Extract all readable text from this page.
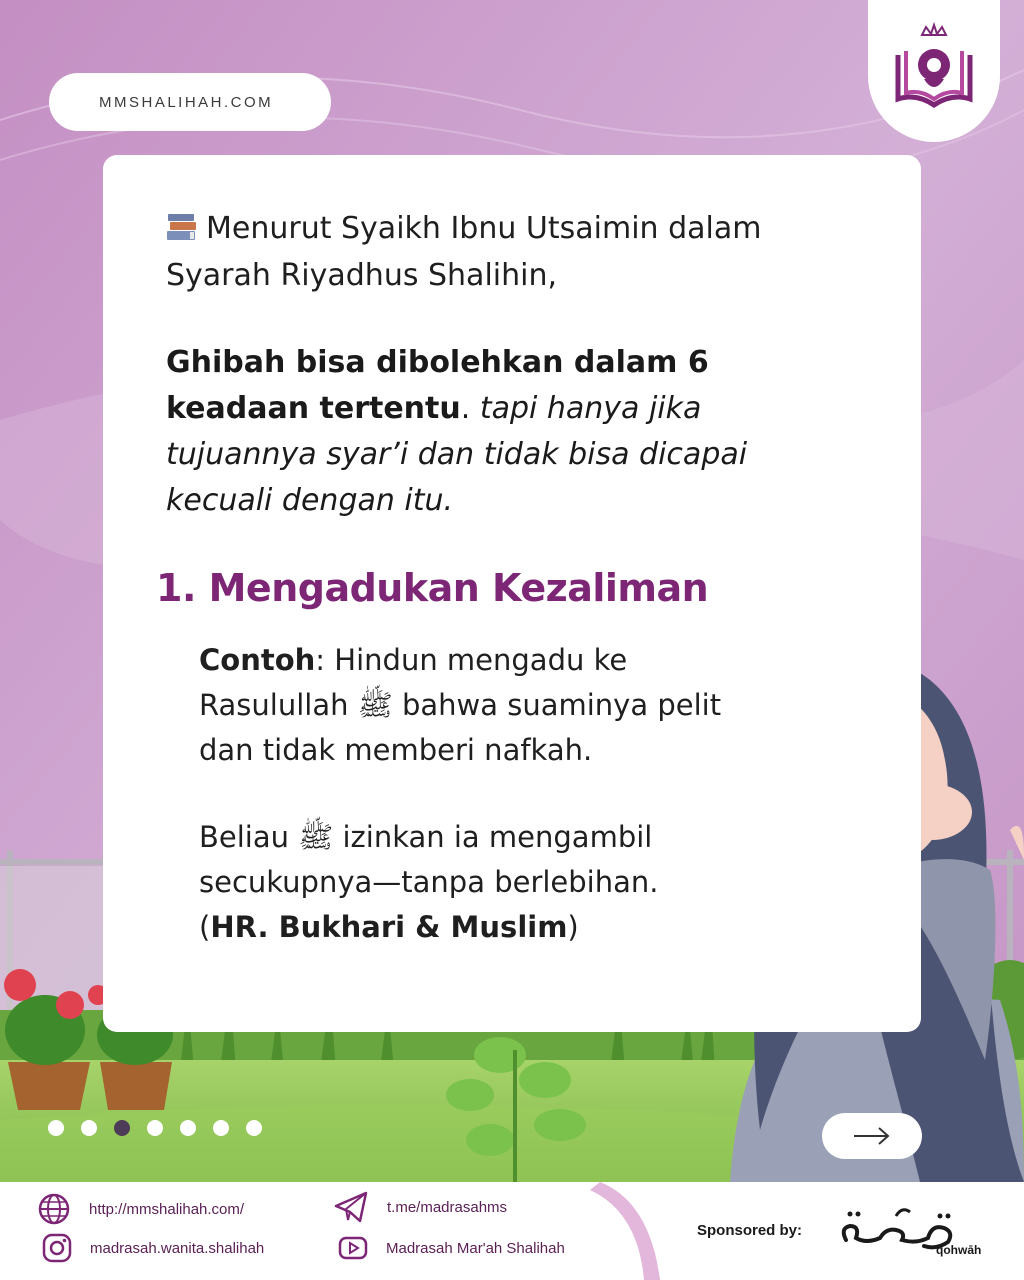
MMSHALIHAH.COM
Menurut Syaikh Ibnu Utsaimin dalam Syarah Riyadhus Shalihin,
Ghibah bisa dibolehkan dalam 6 keadaan tertentu. tapi hanya jika tujuannya syar’i dan tidak bisa dicapai kecuali dengan itu.
1. Mengadukan Kezaliman
Contoh: Hindun mengadu ke Rasulullah ﷺ bahwa suaminya pelit dan tidak memberi nafkah.
Beliau ﷺ izinkan ia mengambil secukupnya—tanpa berlebihan.
(HR. Bukhari & Muslim)
http://mmshalihah.com/
madrasah.wanita.shalihah
t.me/madrasahms
Madrasah Mar'ah Shalihah
Sponsored by:
qohwāh
